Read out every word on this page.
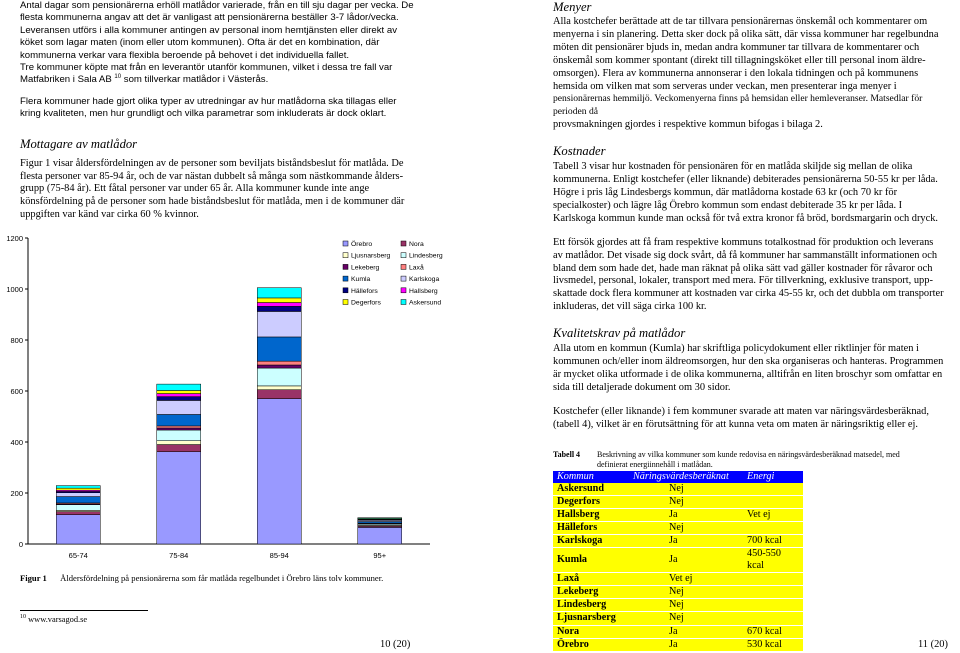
Antal dagar som pensionärerna erhöll matlådor varierade, från en till sju dagar per vecka. De
flesta kommunerna angav att det är vanligast att pensionärerna beställer 3-7 lådor/vecka.
Leveransen utförs i alla kommuner antingen av personal inom hemtjänsten eller direkt av
köket som lagar maten (inom eller utom kommunen). Ofta är det en kombination, där
kommunerna verkar vara flexibla beroende på behovet i det individuella fallet.
Tre kommuner köpte mat från en leverantör utanför kommunen, vilket i dessa tre fall var
Matfabriken i Sala AB $^{10}$ som tillverkar matlådor i Västerås.
Flera kommuner hade gjort olika typer av utredningar av hur matlådorna ska tillagas eller
kring kvaliteten, men hur grundligt och vilka parametrar som inkluderats är dock oklart.
Mottagare av matlådor

Figur 1 visar åldersfördelningen av de personer som beviljats biståndsbeslut för matlåda. De

flesta personer var 85-94 år, och de var nästan dubbelt så många som nästkommande ålders-

grupp (75-84 år). Ett fåtal personer var under 65 år. Alla kommuner kunde inte ange

könsfördelning på de personer som hade biståndsbeslut för matlåda, men i de kommuner där

uppgiften var känd var cirka 60 % kvinnor.

0
200
400
600
800
1000
1200
65-74	75-84	85-94	95+
Örebro	Nora
Ljusnarsberg	Lindesberg
Lekeberg	Laxå
Kumla	Karlskoga
Hällefors	Hallsberg
Degerfors	Askersund
Figur 1 Åldersfördelning på pensionärerna som får matlåda regelbundet i Örebro läns tolv kommuner.
$^{10}$ www.varsagod.se
10 (20)
Menyer

Alla kostchefer berättade att de tar tillvara pensionärernas önskemål och kommentarer om

menyerna i sin planering. Detta sker dock på olika sätt, där vissa kommuner har regelbundna

möten dit pensionärer bjuds in, medan andra kommuner tar tillvara de kommentarer och

önskemål som kommer spontant (direkt till tillagningsköket eller till personal inom äldre-

omsorgen). Flera av kommunerna annonserar i den lokala tidningen och på kommunens

hemsida om vilken mat som serveras under veckan, men presenterar inga menyer i

pensionärernas hemmiljö. Veckomenyerna finns på hemsidan eller hemleveranser. Matsedlar för perioden då

provsmakningen gjordes i respektive kommun bifogas i bilaga 2.

Kostnader

Tabell 3 visar hur kostnaden för pensionären för en matlåda skiljde sig mellan de olika

kommunerna. Enligt kostchefer (eller liknande) debiterades pensionärerna 50-55 kr per låda.

Högre i pris låg Lindesbergs kommun, där matlådorna kostade 63 kr (och 70 kr för

specialkoster) och lägre låg Örebro kommun som endast debiterade 35 kr per låda. I

Karlskoga kommun kunde man också för två extra kronor få bröd, bordsmargarin och dryck.

Ett försök gjordes att få fram respektive kommuns totalkostnad för produktion och leverans

av matlådor. Det visade sig dock svårt, då få kommuner har sammanställt informationen och

bland dem som hade det, hade man räknat på olika sätt vad gäller kostnader för råvaror och

livsmedel, personal, lokaler, transport med mera. För tillverkning, exklusive transport, upp-

skattade dock flera kommuner att kostnaden var cirka 45-55 kr, och det dubbla om transporter

inkluderas, det vill säga cirka 100 kr.

Kvalitetskrav på matlådor

Alla utom en kommun (Kumla) har skriftliga policydokument eller riktlinjer för maten i

kommunen och/eller inom äldreomsorgen, hur den ska organiseras och hanteras. Programmen

är mycket olika utformade i de olika kommunerna, alltifrån en liten broschyr som omfattar en

sida till detaljerade dokument om 30 sidor.

Kostchefer (eller liknande) i fem kommuner svarade att maten var näringsvärdesberäknad,

(tabell 4), vilket är en förutsättning för att kunna veta om maten är näringsriktig eller ej.

Tabell 4	Beskrivning av vilka kommuner som kunde redovisa en näringsvärdesberäknad matsedel, med
definierat energiinnehåll i matlådan.
Kommun	Näringsvärdesberäknat	Energi
Askersund	Nej	
Degerfors	Nej	
Hallsberg	Ja	Vet ej
Hällefors	Nej	
Karlskoga	Ja	700 kcal
Kumla	Ja	450-550 kcal
Laxå	Vet ej	
Lekeberg	Nej	
Lindesberg	Nej	
Ljusnarsberg	Nej	
Nora	Ja	670 kcal
Örebro	Ja	530 kcal	11 (20)
